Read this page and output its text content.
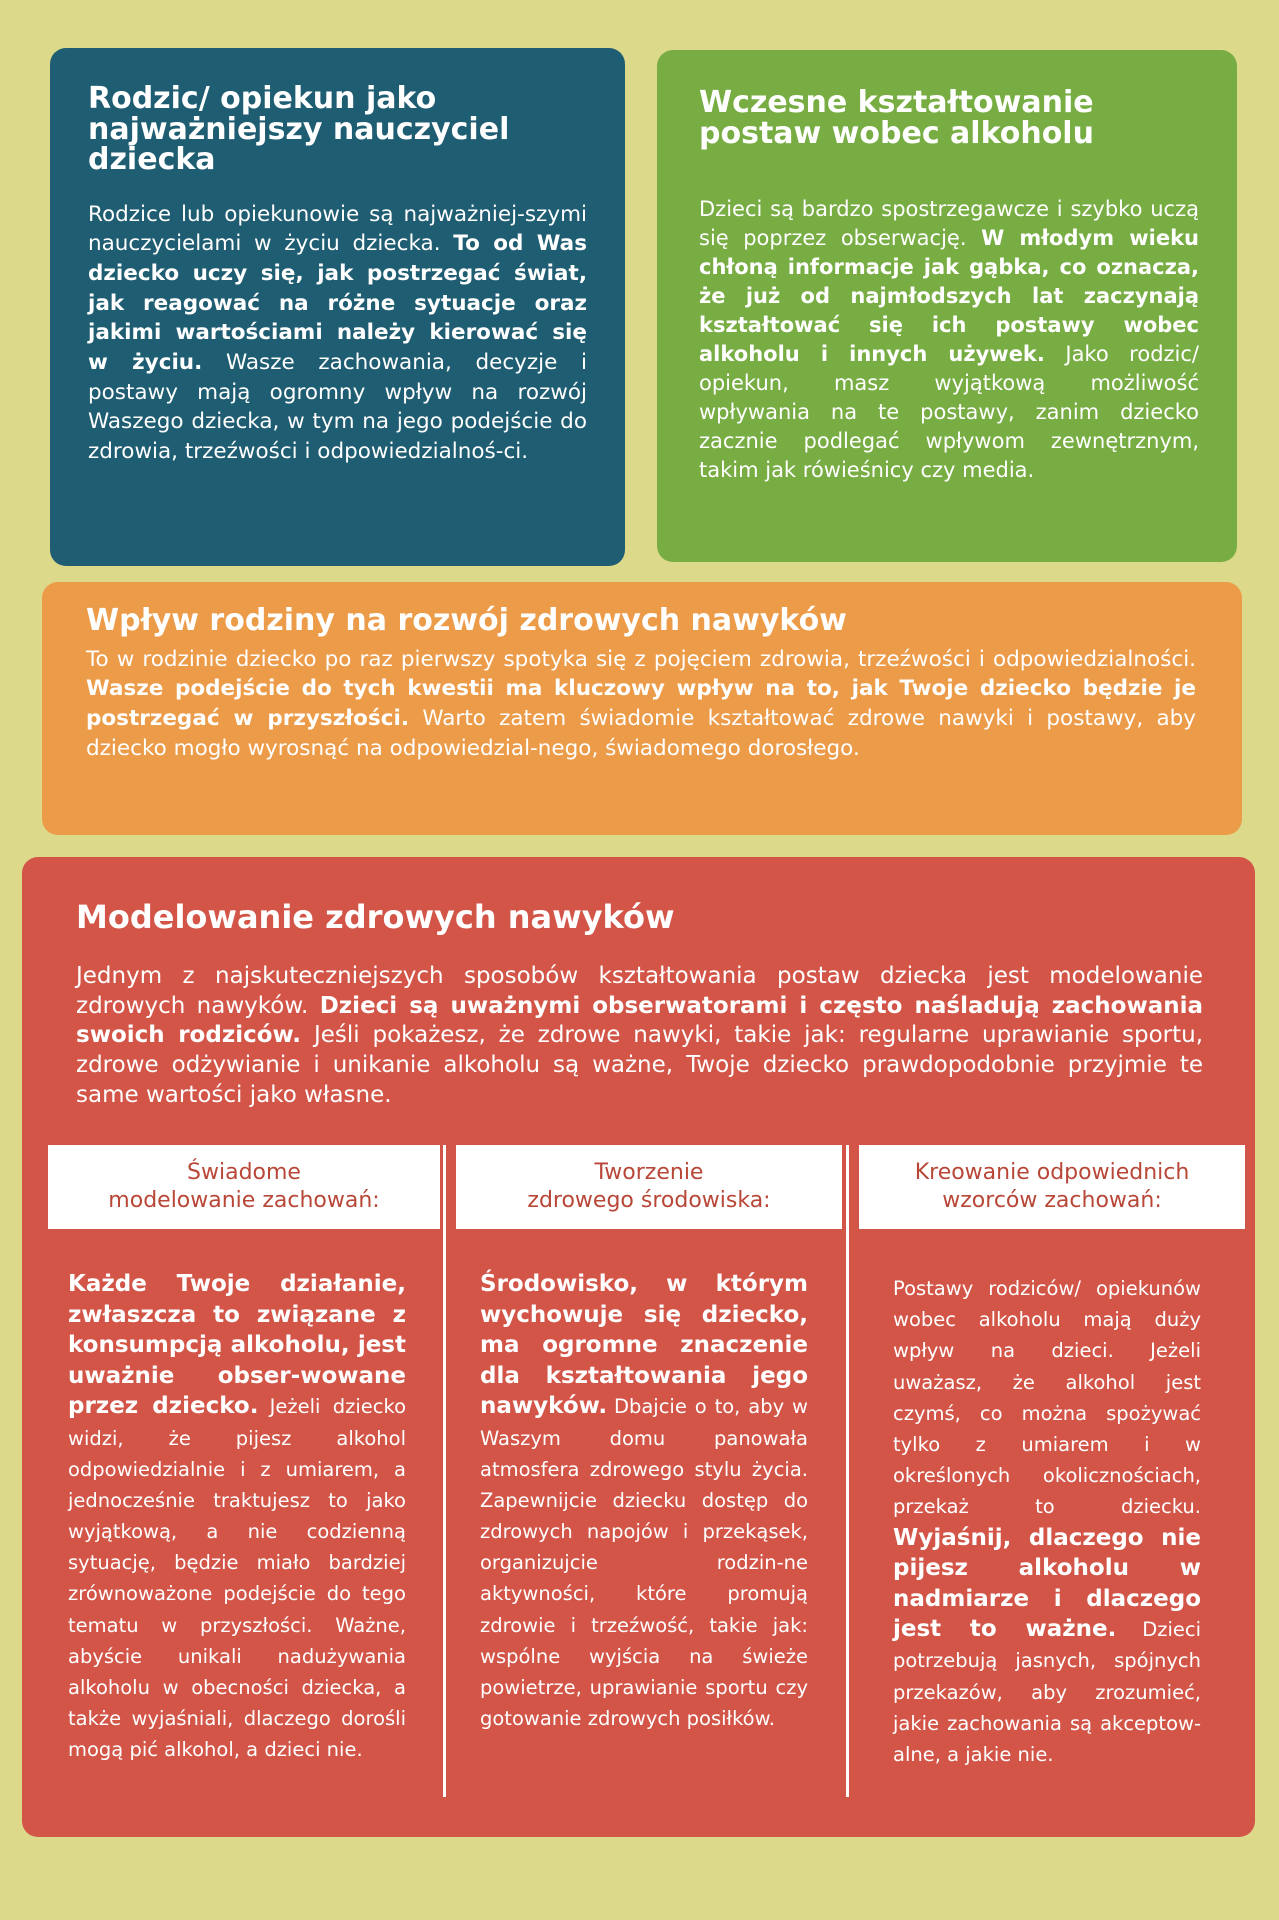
Rodzic/ opiekun jako najważniejszy nauczyciel dziecka

Rodzice lub opiekunowie są najważniej-szymi nauczycielami w życiu dziecka. To od Was dziecko uczy się, jak postrzegać świat, jak reagować na różne sytuacje oraz jakimi wartościami należy kierować się w życiu. Wasze zachowania, decyzje i postawy mają ogromny wpływ na rozwój Waszego dziecka, w tym na jego podejście do zdrowia, trzeźwości i odpowiedzialnoś-ci.

Wczesne kształtowanie postaw wobec alkoholu

Dzieci są bardzo spostrzegawcze i szybko uczą się poprzez obserwację. W młodym wieku chłoną informacje jak gąbka, co oznacza, że już od najmłodszych lat zaczynają kształtować się ich postawy wobec alkoholu i innych używek. Jako rodzic/ opiekun, masz wyjątkową możliwość wpływania na te postawy, zanim dziecko zacznie podlegać wpływom zewnętrznym, takim jak rówieśnicy czy media.

Wpływ rodziny na rozwój zdrowych nawyków

To w rodzinie dziecko po raz pierwszy spotyka się z pojęciem zdrowia, trzeźwości i odpowiedzialności. Wasze podejście do tych kwestii ma kluczowy wpływ na to, jak Twoje dziecko będzie je postrzegać w przyszłości. Warto zatem świadomie kształtować zdrowe nawyki i postawy, aby dziecko mogło wyrosnąć na odpowiedzial-nego, świadomego dorosłego.

Modelowanie zdrowych nawyków

Jednym z najskuteczniejszych sposobów kształtowania postaw dziecka jest modelowanie zdrowych nawyków. Dzieci są uważnymi obserwatorami i często naśladują zachowania swoich rodziców. Jeśli pokażesz, że zdrowe nawyki, takie jak: regularne uprawianie sportu, zdrowe odżywianie i unikanie alkoholu są ważne, Twoje dziecko prawdopodobnie przyjmie te same wartości jako własne.

Świadome
modelowanie zachowań:
Każde Twoje działanie, zwłaszcza to związane z konsumpcją alkoholu, jest uważnie obser-wowane przez dziecko. Jeżeli dziecko widzi, że pijesz alkohol odpowiedzialnie i z umiarem, a jednocześnie traktujesz to jako wyjątkową, a nie codzienną sytuację, będzie miało bardziej zrównoważone podejście do tego tematu w przyszłości. Ważne, abyście unikali nadużywania alkoholu w obecności dziecka, a także wyjaśniali, dlaczego dorośli mogą pić alkohol, a dzieci nie.
Tworzenie
zdrowego środowiska:
Środowisko, w którym wychowuje się dziecko, ma ogromne znaczenie dla kształtowania jego nawyków. Dbajcie o to, aby w Waszym domu panowała atmosfera zdrowego stylu życia. Zapewnijcie dziecku dostęp do zdrowych napojów i przekąsek, organizujcie rodzin-ne aktywności, które promują zdrowie i trzeźwość, takie jak: wspólne wyjścia na świeże powietrze, uprawianie sportu czy gotowanie zdrowych posiłków.
Kreowanie odpowiednich
wzorców zachowań:
Postawy rodziców/ opiekunów wobec alkoholu mają duży wpływ na dzieci. Jeżeli uważasz, że alkohol jest czymś, co można spożywać tylko z umiarem i w określonych okolicznościach, przekaż to dziecku. Wyjaśnij, dlaczego nie pijesz alkoholu w nadmiarze i dlaczego jest to ważne. Dzieci potrzebują jasnych, spójnych przekazów, aby zrozumieć, jakie zachowania są akceptow-alne, a jakie nie.
